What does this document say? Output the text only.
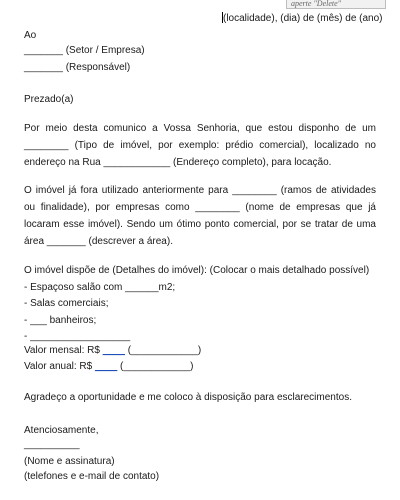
aperte "Delete"
(localidade), (dia) de (mês) de (ano)
Ao
_______ (Setor / Empresa)
_______ (Responsável)
Prezado(a)
Por meio desta comunico a Vossa Senhoria, que estou disponho de um ________ (Tipo de imóvel, por exemplo: prédio comercial), localizado no endereço na Rua ____________ (Endereço completo), para locação.
O imóvel já fora utilizado anteriormente para ________ (ramos de atividades ou finalidade), por empresas como ________ (nome de empresas que já locaram esse imóvel). Sendo um ótimo ponto comercial, por se tratar de uma área _______ (descrever a área).
O imóvel dispõe de (Detalhes do imóvel): (Colocar o mais detalhado possível)
- Espaçoso salão com ______m2;
- Salas comerciais;
- ___ banheiros;
- __________________
Valor mensal: R$ ____ (____________)
Valor anual: R$ ____ (____________)
Agradeço a oportunidade e me coloco à disposição para esclarecimentos.
Atenciosamente,
__________
(Nome e assinatura)
(telefones e e-mail de contato)
